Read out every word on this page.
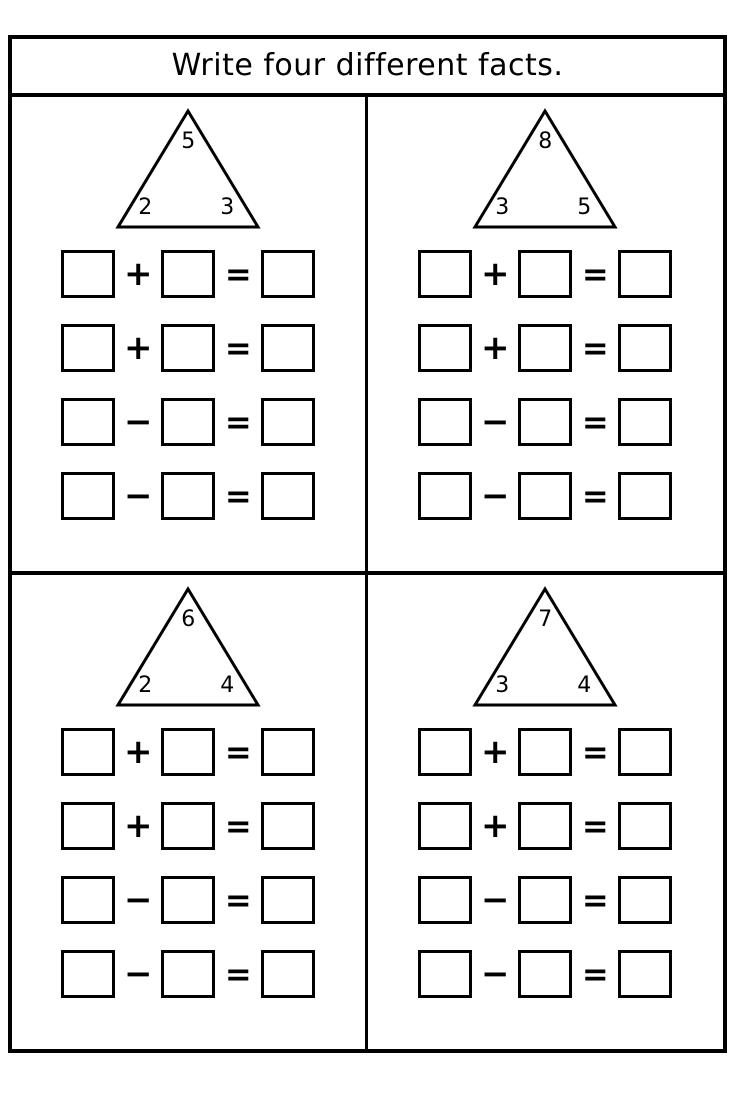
Write four different facts.
5
2	3
+ =
+ =
− =
− =
8
3	5
+ =
+ =
− =
− =
6
2	4
+ =
+ =
− =
− =
7
3	4
+ =
+ =
− =
− =
